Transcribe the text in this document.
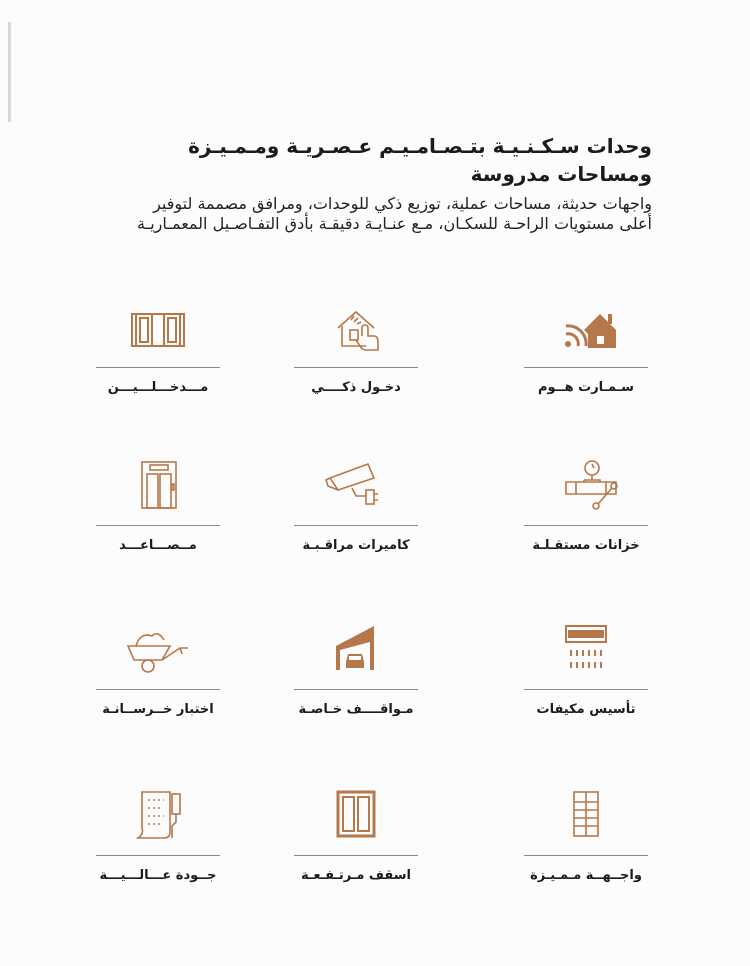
وحدات سـكـنـيـة بتـصـامـيـم عـصـريـة ومـمـيـزة ومساحات مدروسة

واجهات حديثة، مساحات عملية، توزيع ذكي للوحدات، ومرافق مصممة لتوفير

أعلى مستويات الراحـة للسكـان، مـع عنـايـة دقيقـة بأدق التفـاصـيل المعمـاريـة

سـمـارت هــوم
دخـول ذكــــي
مـــدخـــلـــيـــن
خزانات مستقـلـة
كاميرات مراقـبـة
مــصـــاعـــد
تأسيس مكيفات
مـواقــــف خـاصـة
اختبار خــرســانـة
واجــهــة مـمـيـزة
اسقف مـرتـفـعـة
جــودة عـــالـــيـــة
